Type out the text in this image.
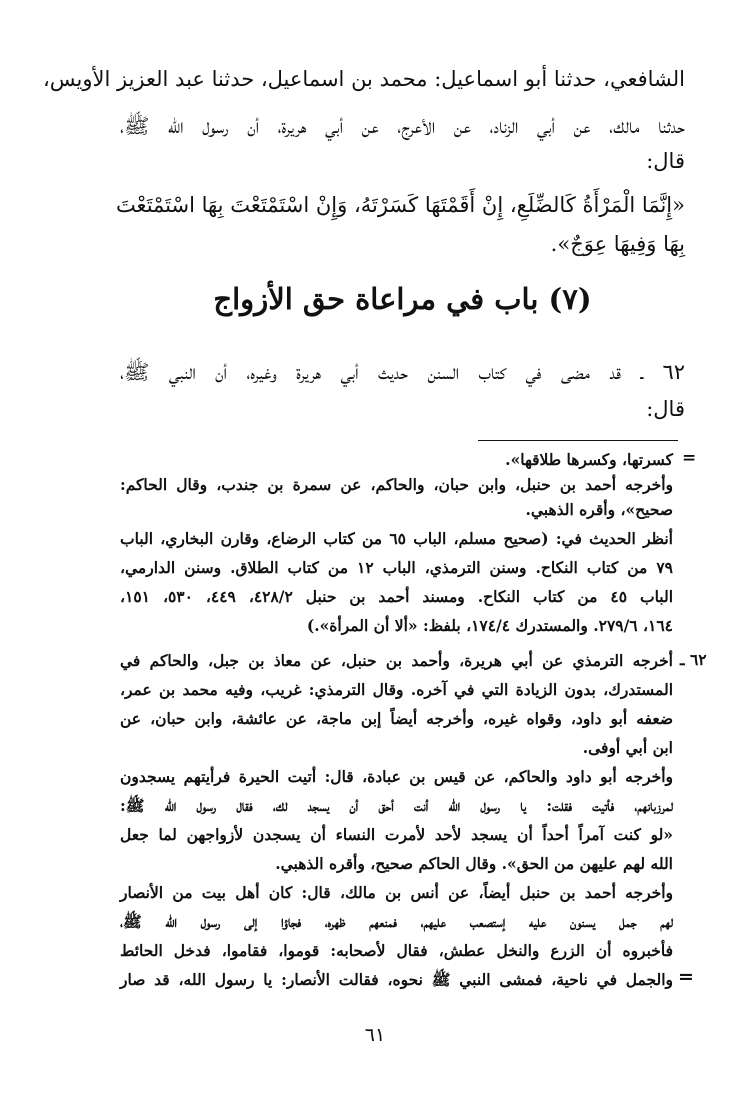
الشافعي، حدثنا أبو اسماعيل: محمد بن اسماعيل، حدثنا عبد العزيز الأويس،
حدثنا مالك، عن أبي الزناد، عن الأعرج، عن أبي هريرة، أن رسول الله ﷺ،
قال:
«إِنَّمَا الْمَرْأَةُ كَالضِّلَعِ، إِنْ أَقَمْتَهَا كَسَرْتَهُ، وَإِنْ اسْتَمْتَعْتَ بِهَا اسْتَمْتَعْتَ
بِهَا وَفِيهَا عِوَجٌ».
(٧) باب في مراعاة حق الأزواج
٦٢ ـ قد مضى في كتاب السنن حديث أبي هريرة وغيره، أن النبي ﷺ،
قال:
=
كسرتها، وكسرها طلاقها».
وأخرجه أحمد بن حنبل، وابن حبان، والحاكم، عن سمرة بن جندب، وقال الحاكم:
صحيح»، وأقره الذهبي.
أنظر الحديث في: (صحيح مسلم، الباب ٦٥ من كتاب الرضاع، وقارن البخاري، الباب
٧٩ من كتاب النكاح. وسنن الترمذي، الباب ١٢ من كتاب الطلاق. وسنن الدارمي،
الباب ٤٥ من كتاب النكاح. ومسند أحمد بن حنبل ٤٢٨/٢، ٤٤٩، ٥٣٠، ١٥١،
١٦٤، ٢٧٩/٦. والمستدرك ١٧٤/٤، بلفظ: «ألا أن المرأة».)
٦٢ ـ
أخرجه الترمذي عن أبي هريرة، وأحمد بن حنبل، عن معاذ بن جبل، والحاكم في
المستدرك، بدون الزيادة التي في آخره. وقال الترمذي: غريب، وفيه محمد بن عمر،
ضعفه أبو داود، وقواه غيره، وأخرجه أيضاً إبن ماجة، عن عائشة، وابن حبان، عن
ابن أبي أوفى.
وأخرجه أبو داود والحاكم، عن قيس بن عبادة، قال: أتيت الحيرة فرأيتهم يسجدون
لمرزبانهم، فأتيت فقلت: يا رسول الله أنت أحق أن يسجد لك، فقال رسول الله ﷺ:
«لو كنت آمراً أحداً أن يسجد لأحد لأمرت النساء أن يسجدن لأزواجهن لما جعل
الله لهم عليهن من الحق». وقال الحاكم صحيح، وأقره الذهبي.
وأخرجه أحمد بن حنبل أيضاً، عن أنس بن مالك، قال: كان أهل بيت من الأنصار
لهم جمل يسنون عليه إستصعب عليهم، فمنعهم ظهره، فجاؤا إلى رسول الله ﷺ،
فأخبروه أن الزرع والنخل عطش، فقال لأصحابه: قوموا، فقاموا، فدخل الحائط
والجمل في ناحية، فمشى النبي ﷺ نحوه، فقالت الأنصار: يا رسول الله، قد صار =
٦١
